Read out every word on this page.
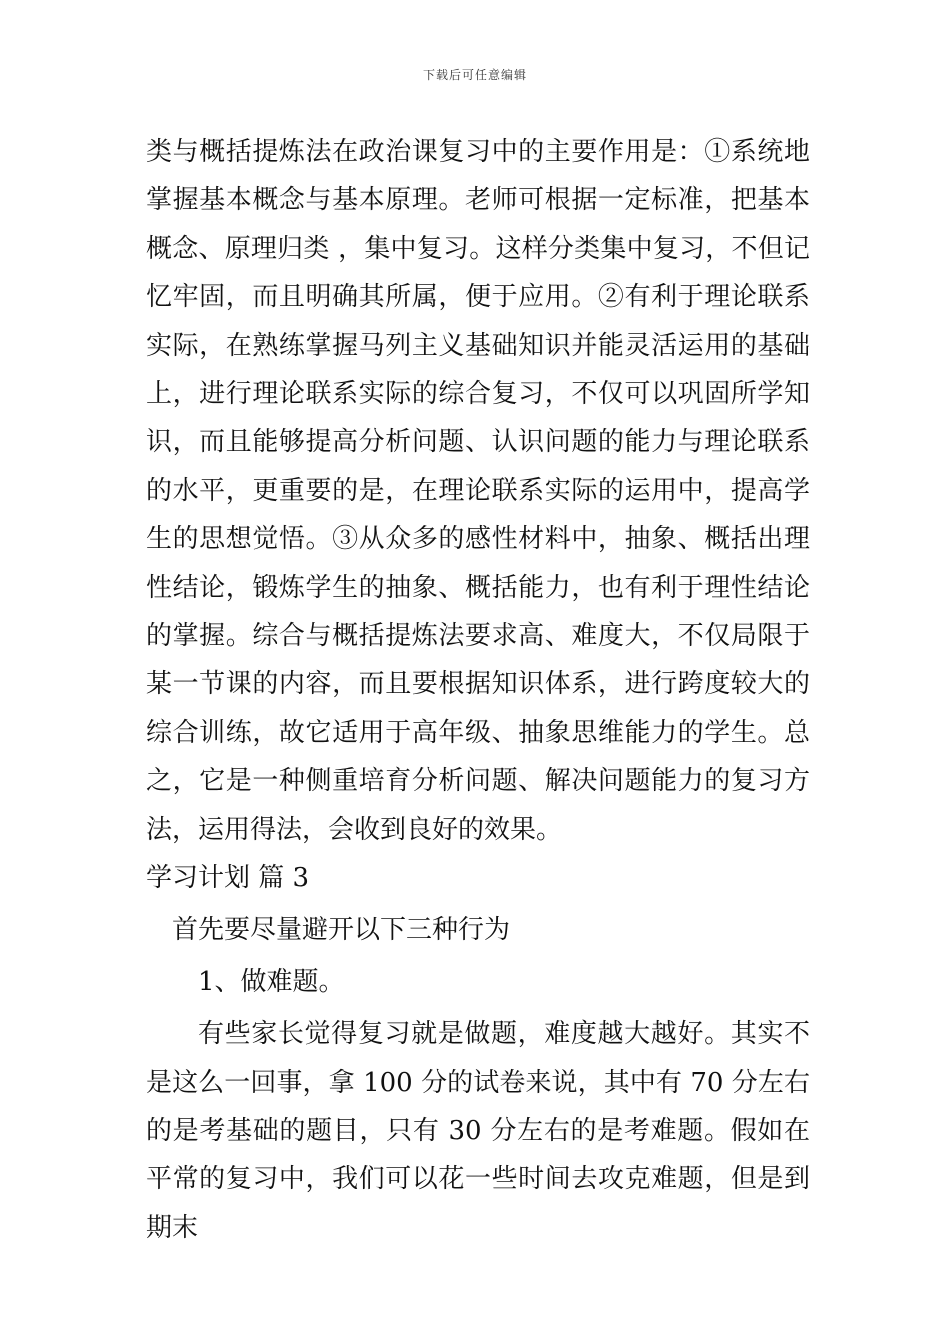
下载后可任意编辑

类与概括提炼法在政治课复习中的主要作用是：①系统地掌握基本概念与基本原理。老师可根据一定标准，把基本概念、原理归类 ，集中复习。这样分类集中复习，不但记忆牢固，而且明确其所属，便于应用。②有利于理论联系实际，在熟练掌握马列主义基础知识并能灵活运用的基础上，进行理论联系实际的综合复习，不仅可以巩固所学知识，而且能够提高分析问题、认识问题的能力与理论联系的水平，更重要的是，在理论联系实际的运用中，提高学生的思想觉悟。③从众多的感性材料中，抽象、概括出理性结论，锻炼学生的抽象、概括能力，也有利于理性结论的掌握。综合与概括提炼法要求高、难度大，不仅局限于某一节课的内容，而且要根据知识体系，进行跨度较大的综合训练，故它适用于高年级、抽象思维能力的学生。总之，它是一种侧重培育分析问题、解决问题能力的复习方法，运用得法，会收到良好的效果。

学习计划 篇 3

首先要尽量避开以下三种行为

1、做难题。

有些家长觉得复习就是做题，难度越大越好。其实不是这么一回事，拿 100 分的试卷来说，其中有 70 分左右的是考基础的题目，只有 30 分左右的是考难题。假如在平常的复习中，我们可以花一些时间去攻克难题，但是到期末
